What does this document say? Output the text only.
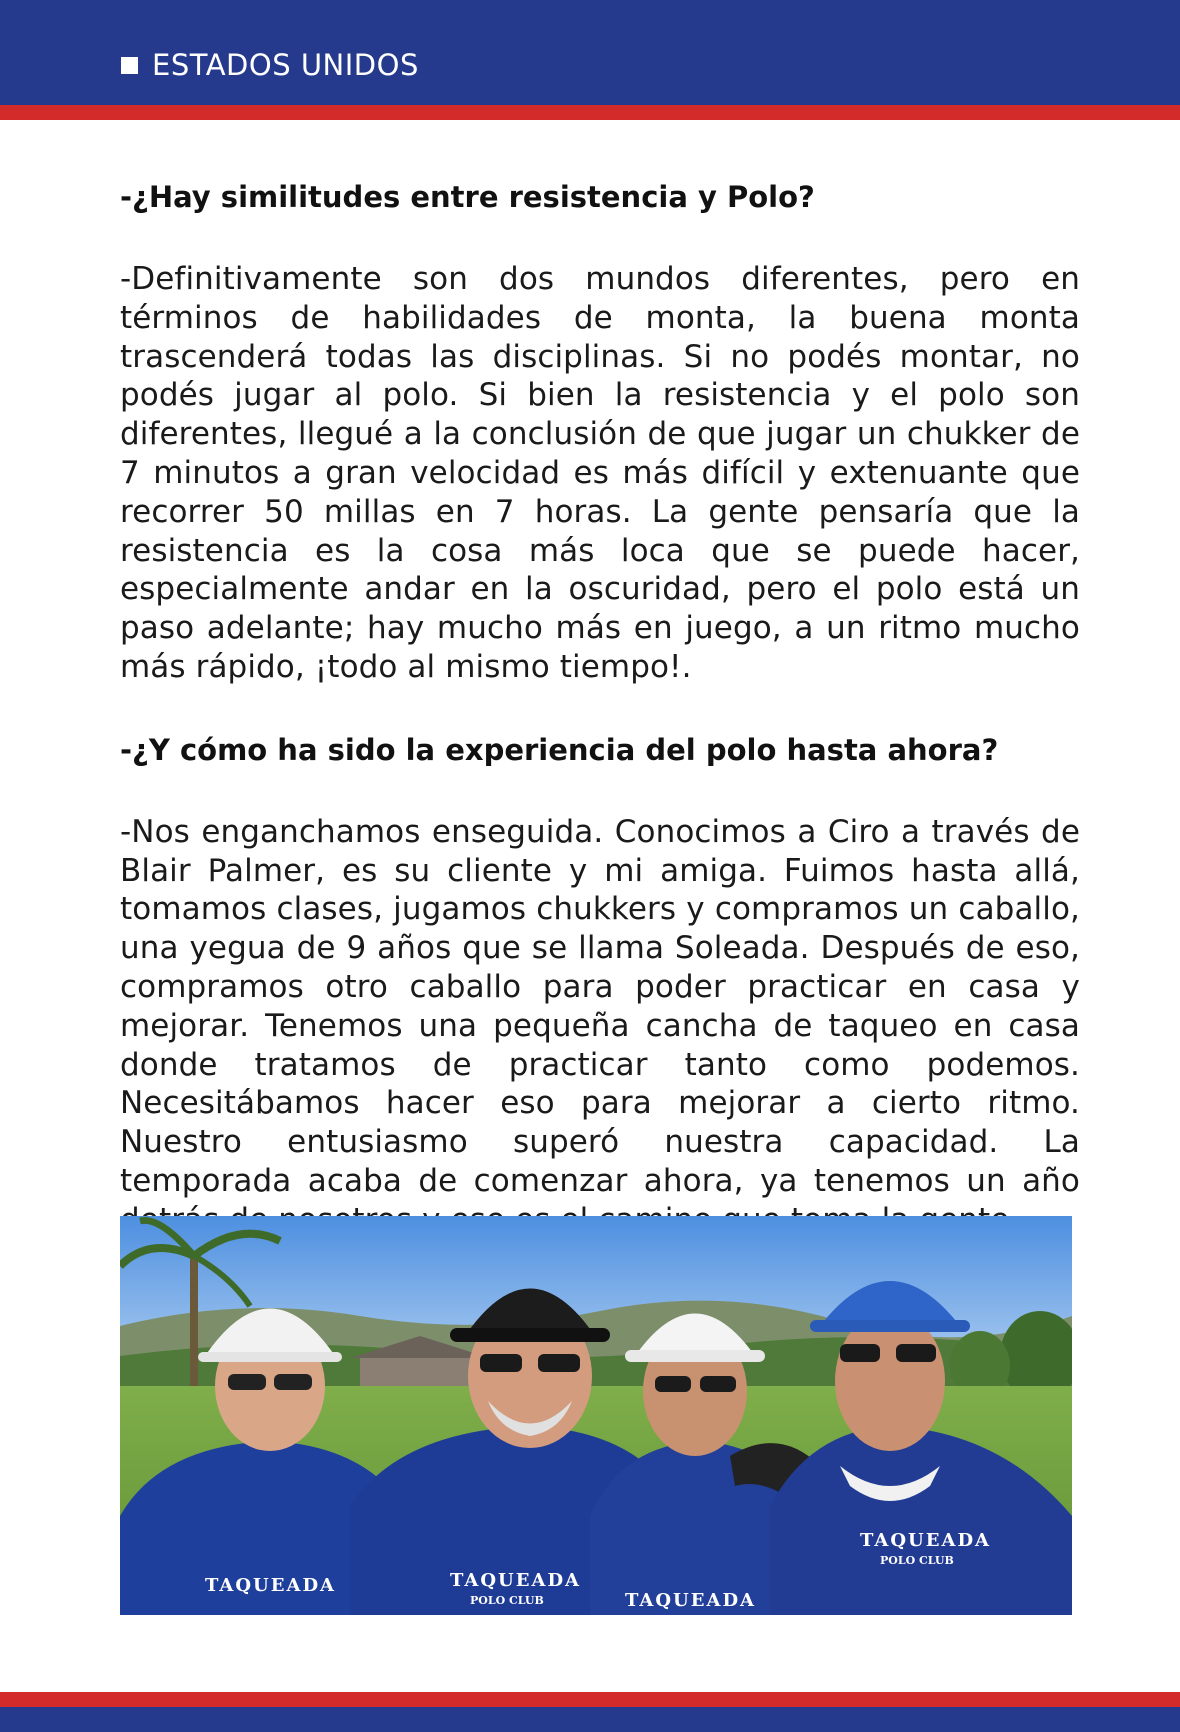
ESTADOS UNIDOS

-¿Hay similitudes entre resistencia y Polo?

-Definitivamente son dos mundos diferentes, pero en términos de habilidades de monta, la buena monta trascenderá todas las disciplinas. Si no podés montar, no podés jugar al polo. Si bien la resistencia y el polo son diferentes, llegué a la conclusión de que jugar un chukker de 7 minutos a gran velocidad es más difícil y extenuante que recorrer 50 millas en 7 horas. La gente pensaría que la resistencia es la cosa más loca que se puede hacer, especialmente andar en la oscuridad, pero el polo está un paso adelante; hay mucho más en juego, a un ritmo mucho más rápido, ¡todo al mismo tiempo!.

-¿Y cómo ha sido la experiencia del polo hasta ahora?

-Nos enganchamos enseguida. Conocimos a Ciro a través de Blair Palmer, es su cliente y mi amiga. Fuimos hasta allá, tomamos clases, jugamos chukkers y compramos un caballo, una yegua de 9 años que se llama Soleada. Después de eso, compramos otro caballo para poder practicar en casa y mejorar. Tenemos una pequeña cancha de taqueo en casa donde tratamos de practicar tanto como podemos. Necesitábamos hacer eso para mejorar a cierto ritmo. Nuestro entusiasmo superó nuestra capacidad. La temporada acaba de comenzar ahora, ya tenemos un año

TAQUEADA	TAQUEADA
POLO CLUB	TAQUEADA
TAQUEADA
POLO CLUB
